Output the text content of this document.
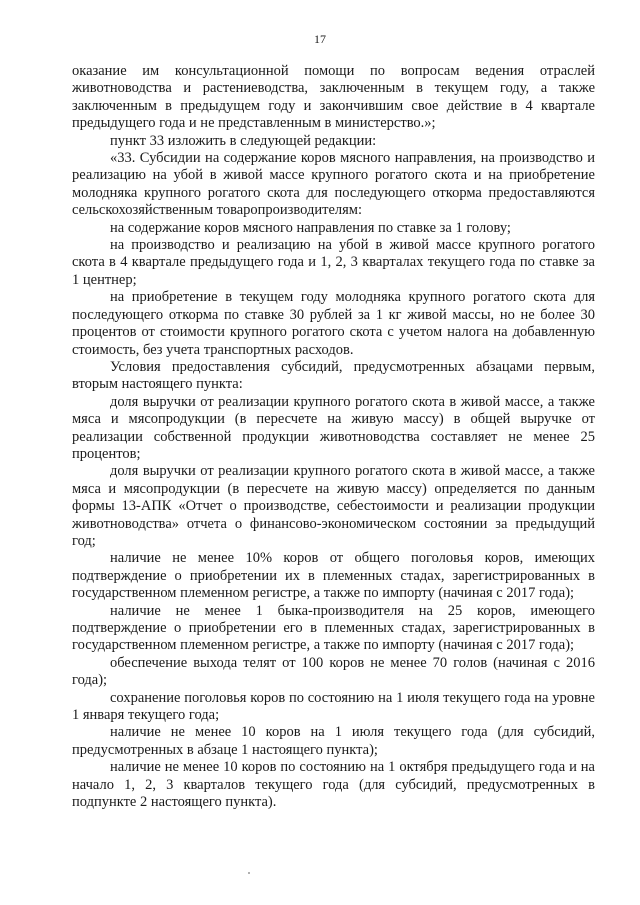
17

оказание им консультационной помощи по вопросам ведения отраслей животноводства и растениеводства, заключенным в текущем году, а также заключенным в предыдущем году и закончившим свое действие в 4 квартале предыдущего года и не представленным в министерство.»;

пункт 33 изложить в следующей редакции:

«33. Субсидии на содержание коров мясного направления, на производство и реализацию на убой в живой массе крупного рогатого скота и на приобретение молодняка крупного рогатого скота для последующего откорма предоставляются сельскохозяйственным товаропроизводителям:

на содержание коров мясного направления по ставке за 1 голову;

на производство и реализацию на убой в живой массе крупного рогатого скота в 4 квартале предыдущего года и 1, 2, 3 кварталах текущего года по ставке за 1 центнер;

на приобретение в текущем году молодняка крупного рогатого скота для последующего откорма по ставке 30 рублей за 1 кг живой массы, но не более 30 процентов от стоимости крупного рогатого скота с учетом налога на добавленную стоимость, без учета транспортных расходов.

Условия предоставления субсидий, предусмотренных абзацами первым, вторым настоящего пункта:

доля выручки от реализации крупного рогатого скота в живой массе, а также мяса и мясопродукции (в пересчете на живую массу) в общей выручке от реализации собственной продукции животноводства составляет не менее 25 процентов;

доля выручки от реализации крупного рогатого скота в живой массе, а также мяса и мясопродукции (в пересчете на живую массу) определяется по данным формы 13-АПК «Отчет о производстве, себестоимости и реализации продукции животноводства» отчета о финансово-экономическом состоянии за предыдущий год;

наличие не менее 10% коров от общего поголовья коров, имеющих подтверждение о приобретении их в племенных стадах, зарегистрированных в государственном племенном регистре, а также по импорту (начиная с 2017 года);

наличие не менее 1 быка-производителя на 25 коров, имеющего подтверждение о приобретении его в племенных стадах, зарегистрированных в государственном племенном регистре, а также по импорту (начиная с 2017 года);

обеспечение выхода телят от 100 коров не менее 70 голов (начиная с 2016 года);

сохранение поголовья коров по состоянию на 1 июля текущего года на уровне 1 января текущего года;

наличие не менее 10 коров на 1 июля текущего года (для субсидий, предусмотренных в абзаце 1 настоящего пункта);

наличие не менее 10 коров по состоянию на 1 октября предыдущего года и на начало 1, 2, 3 кварталов текущего года (для субсидий, предусмотренных в подпункте 2 настоящего пункта).
